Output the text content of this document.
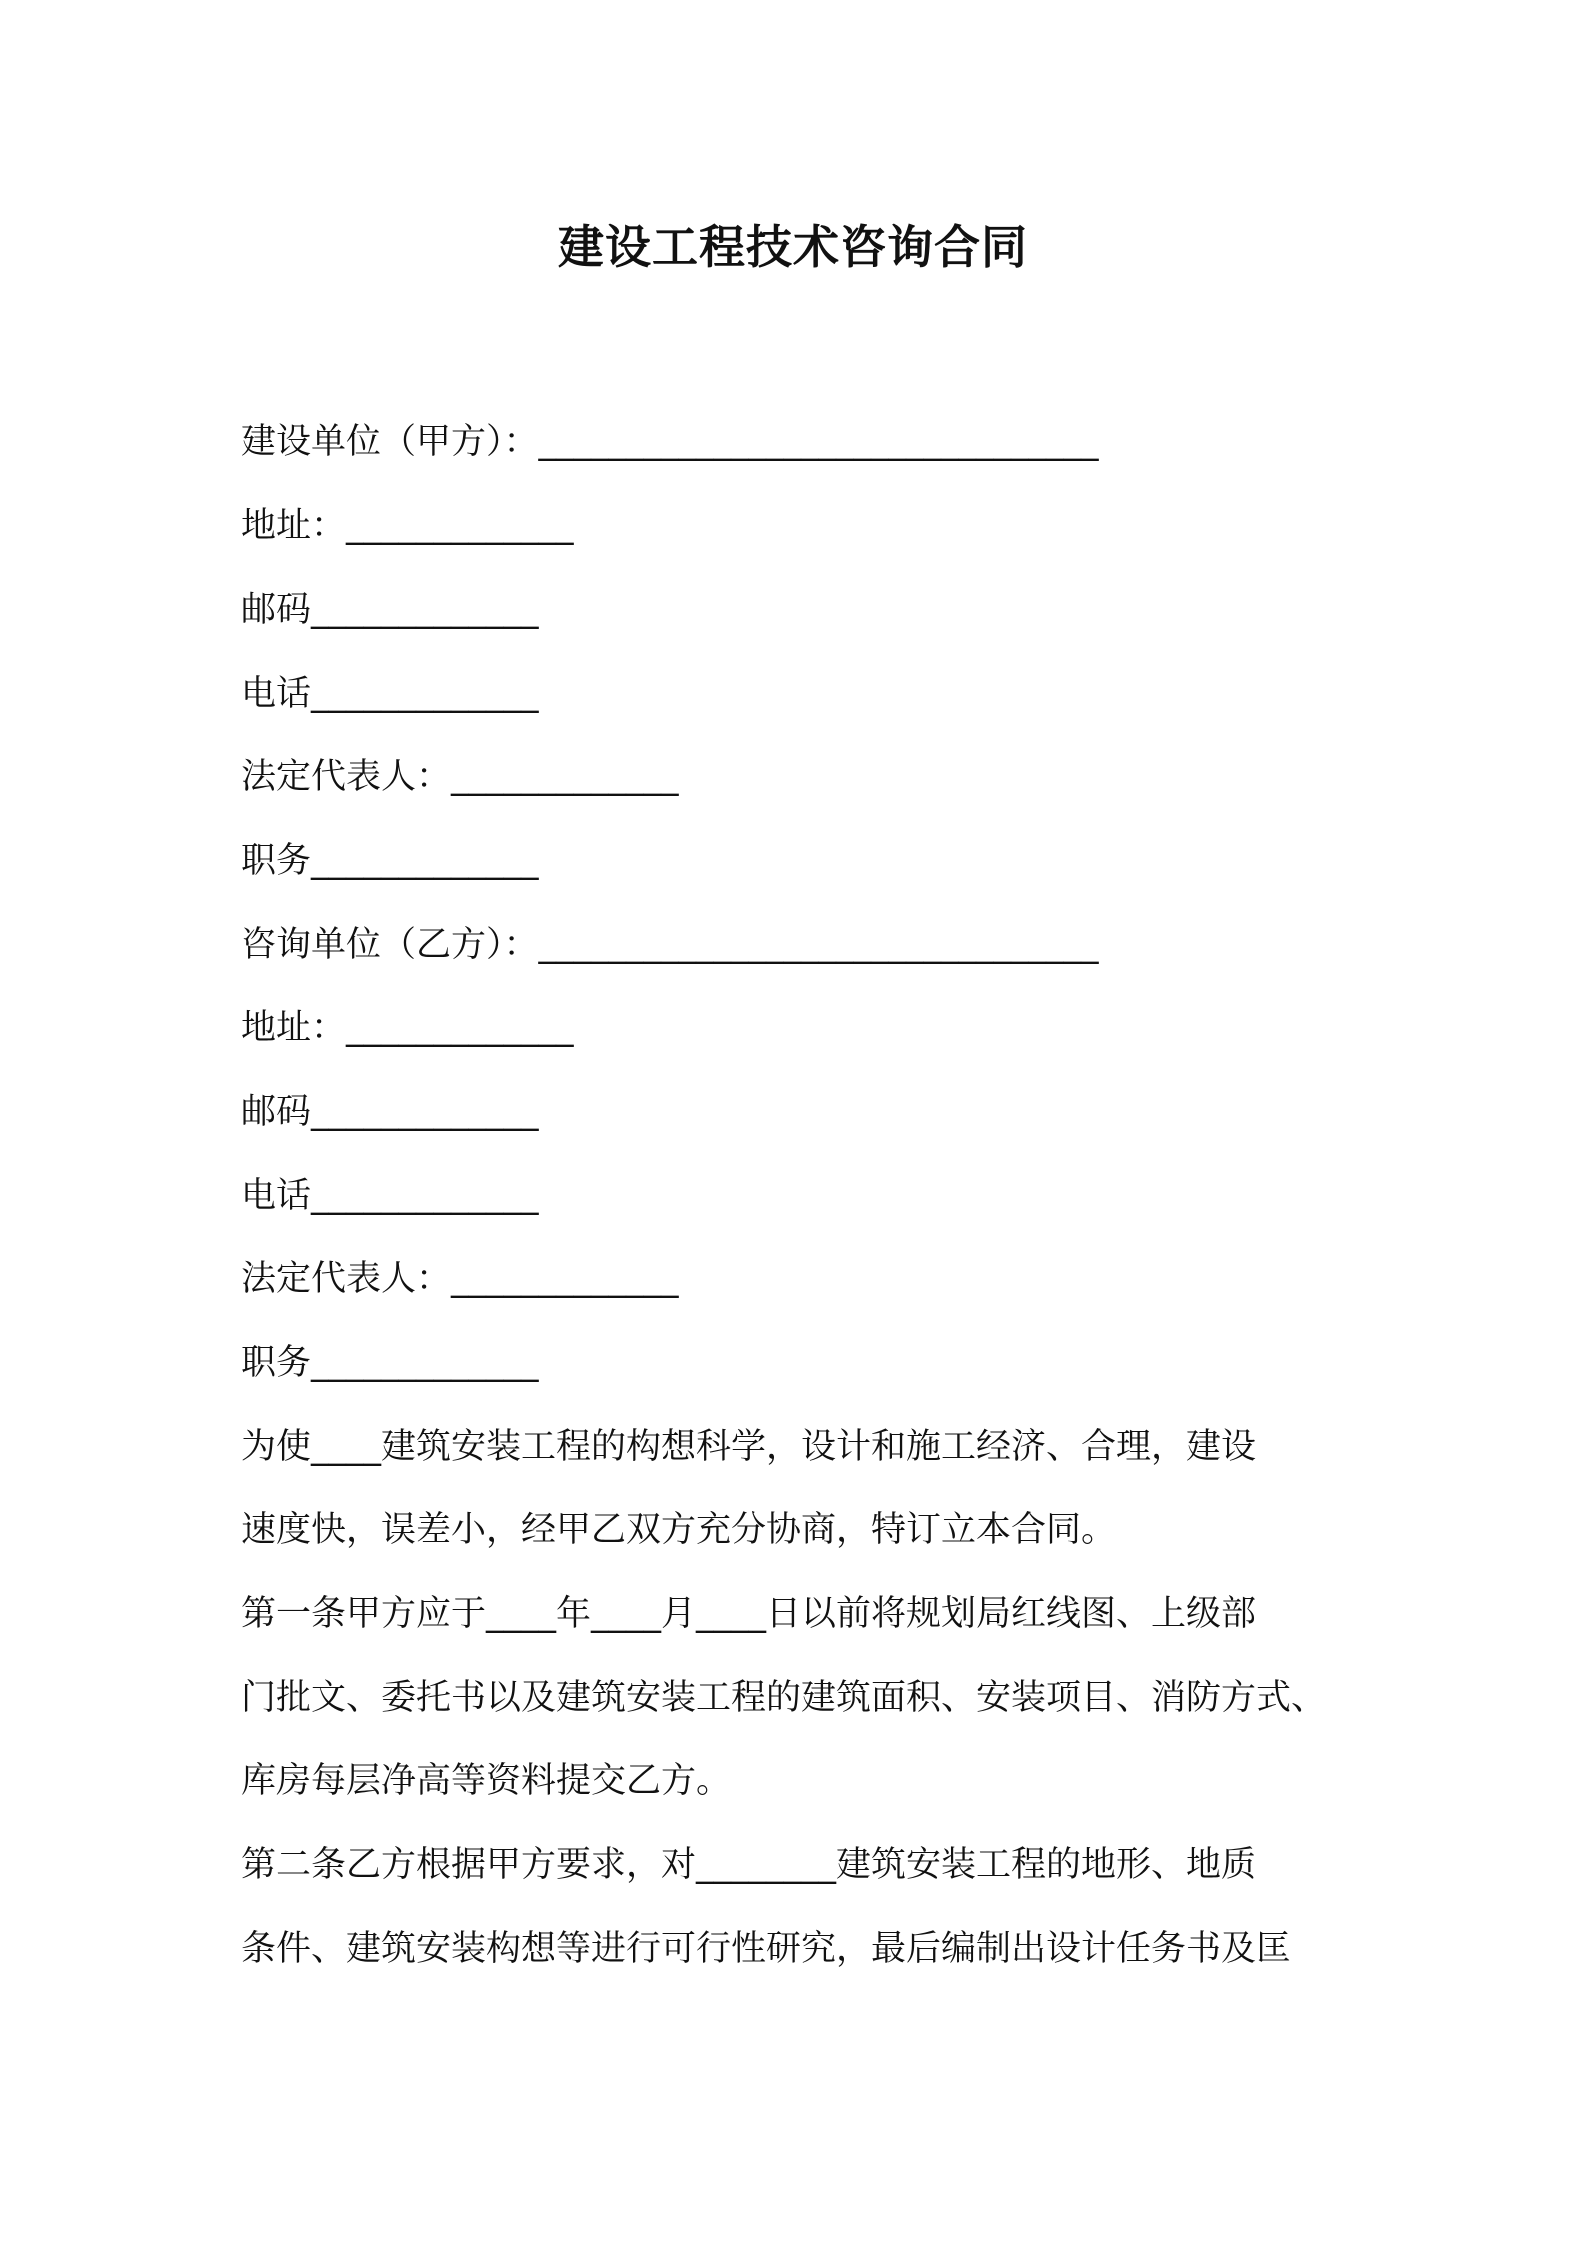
建设工程技术咨询合同
建设单位（甲方）：________________________________
地址：_____________
邮码_____________
电话_____________
法定代表人：_____________
职务_____________
咨询单位（乙方）：________________________________
地址：_____________
邮码_____________
电话_____________
法定代表人：_____________
职务_____________
为使____建筑安装工程的构想科学，设计和施工经济、合理，建设
速度快，误差小，经甲乙双方充分协商，特订立本合同。
第一条甲方应于____年____月____日以前将规划局红线图、上级部
门批文、委托书以及建筑安装工程的建筑面积、安装项目、消防方式、
库房每层净高等资料提交乙方。
第二条乙方根据甲方要求，对________建筑安装工程的地形、地质
条件、建筑安装构想等进行可行性研究，最后编制出设计任务书及匡
